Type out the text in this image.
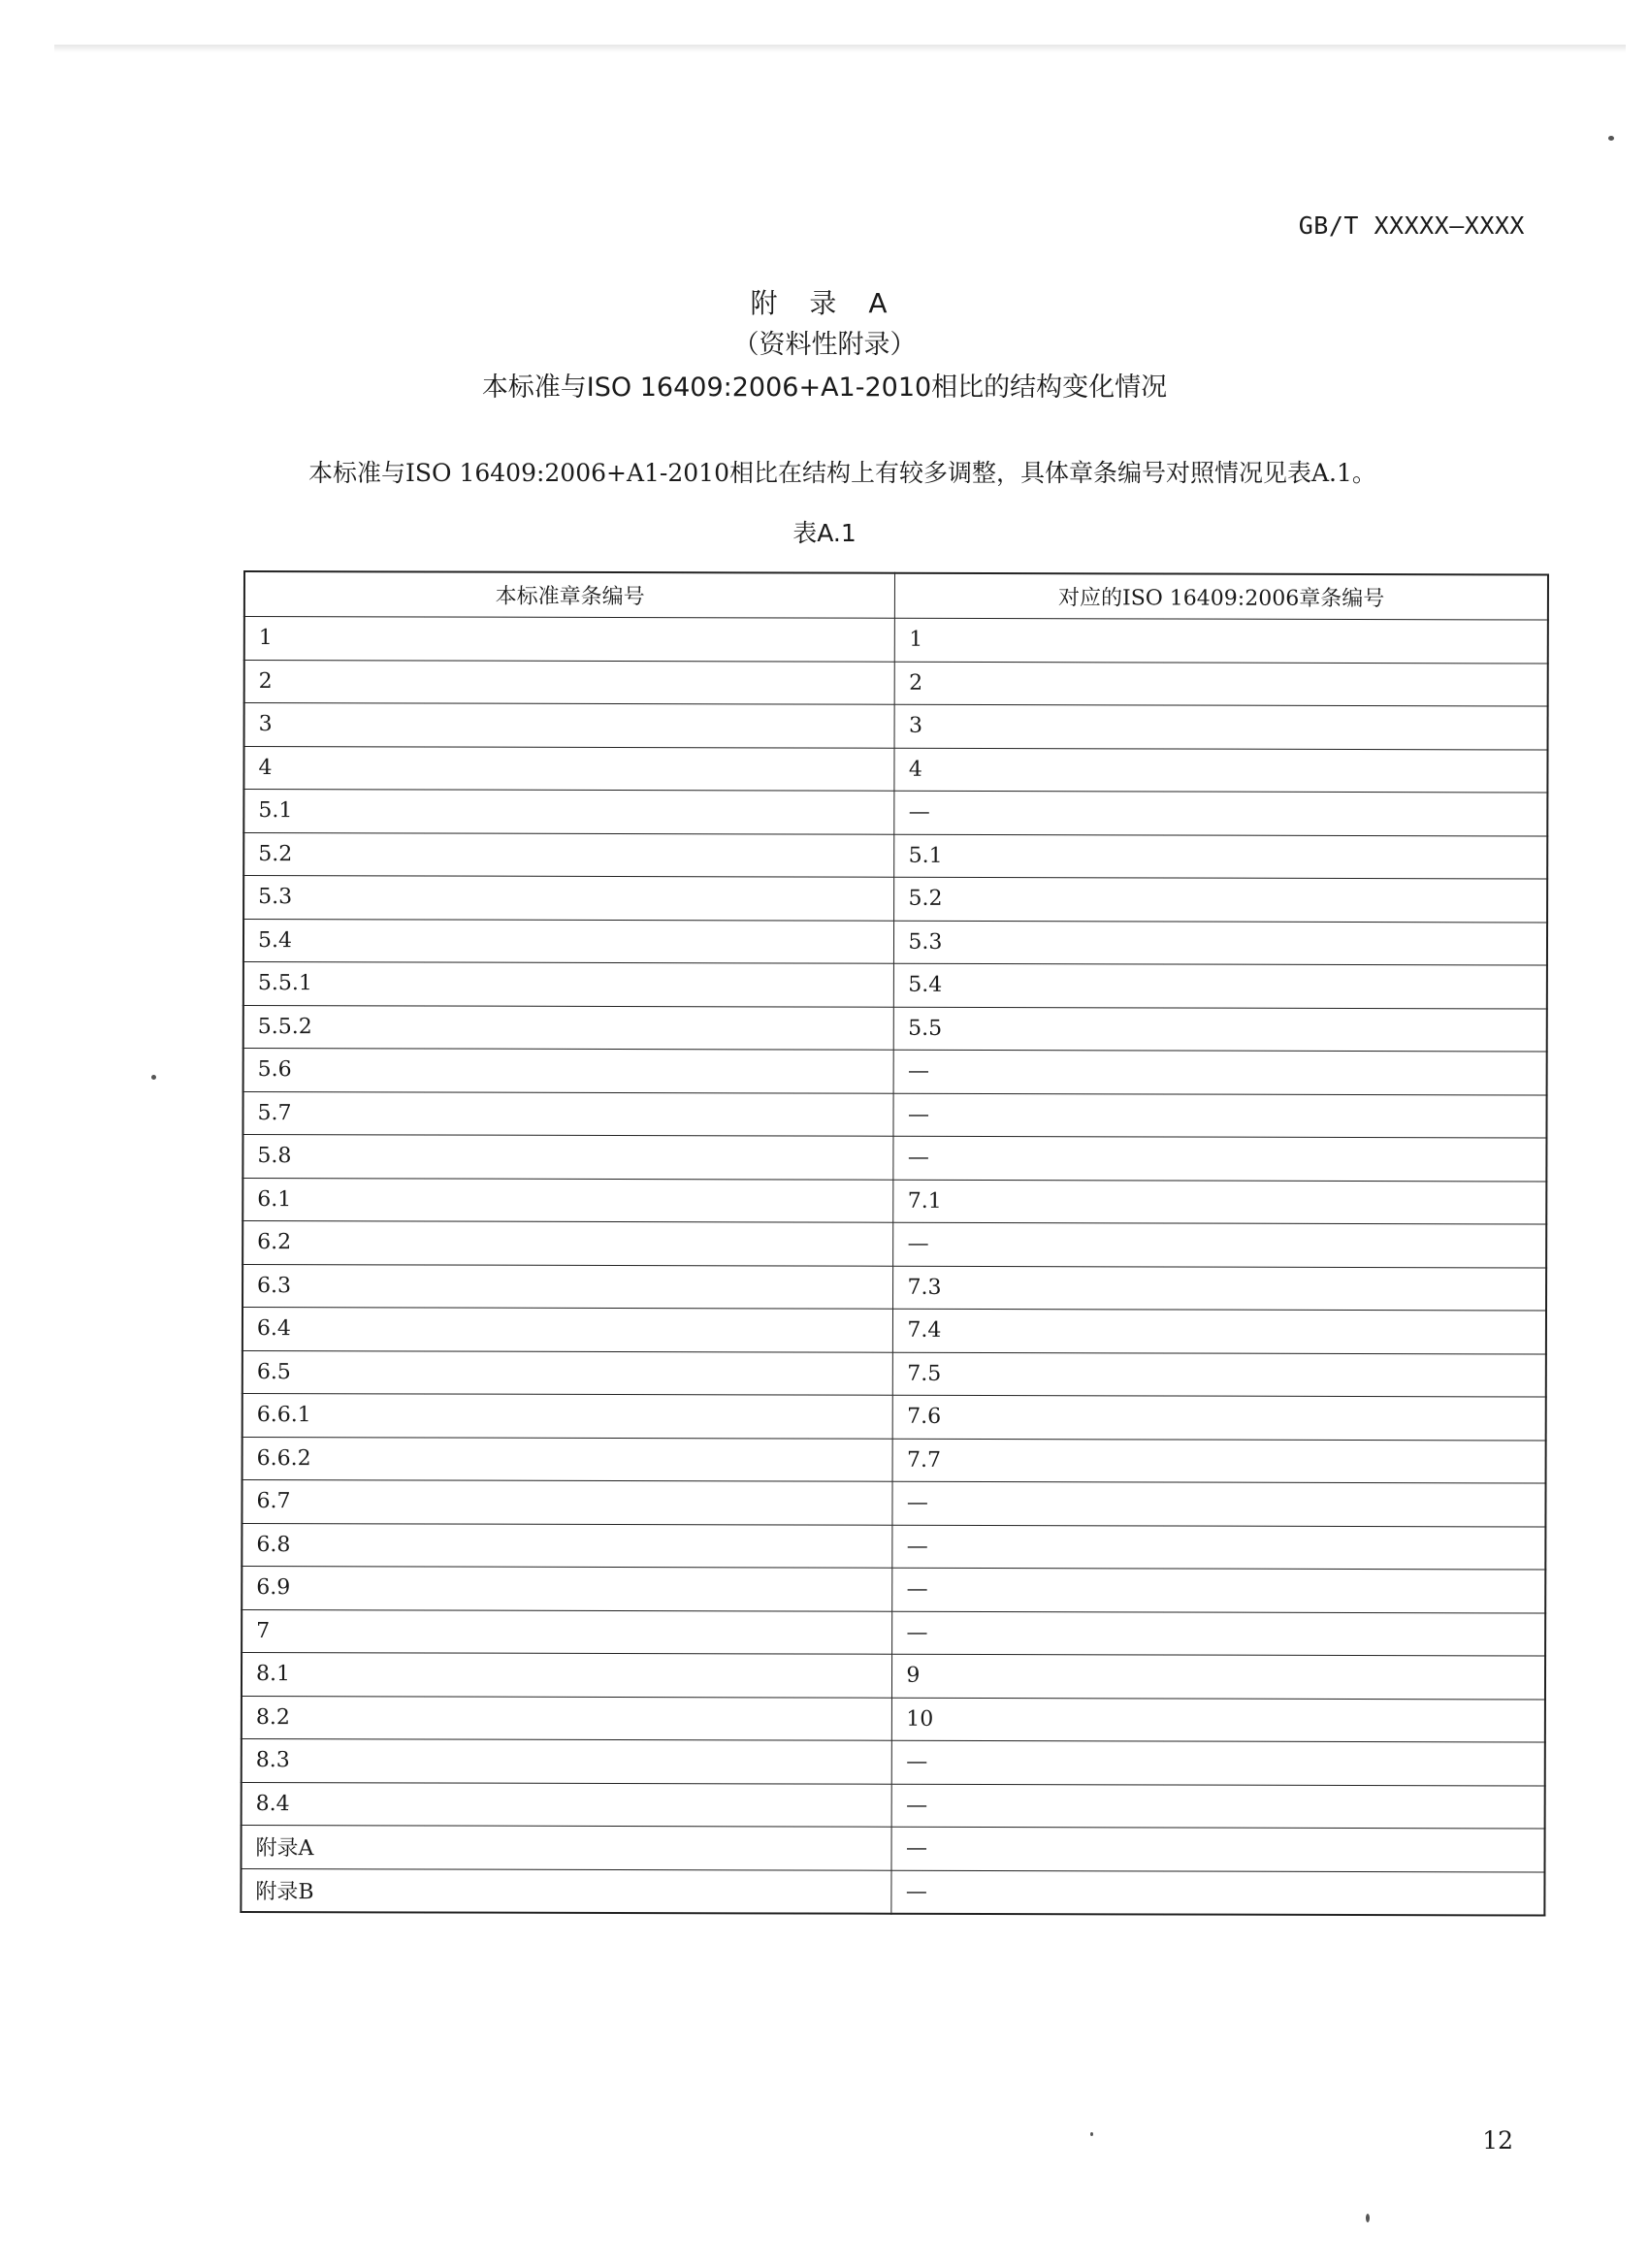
GB/T XXXXX—XXXX
附 录 A
（资料性附录）
本标准与ISO 16409:2006+A1-2010相比的结构变化情况
本标准与ISO 16409:2006+A1-2010相比在结构上有较多调整，具体章条编号对照情况见表A.1。
表A.1
本标准章条编号	对应的ISO 16409:2006章条编号
1	1
2	2
3	3
4	4
5.1	—
5.2	5.1
5.3	5.2
5.4	5.3
5.5.1	5.4
5.5.2	5.5
5.6	—
5.7	—
5.8	—
6.1	7.1
6.2	—
6.3	7.3
6.4	7.4
6.5	7.5
6.6.1	7.6
6.6.2	7.7
6.7	—
6.8	—
6.9	—
7	—
8.1	9
8.2	10
8.3	—
8.4	—
附录A	—
附录B	—
12
